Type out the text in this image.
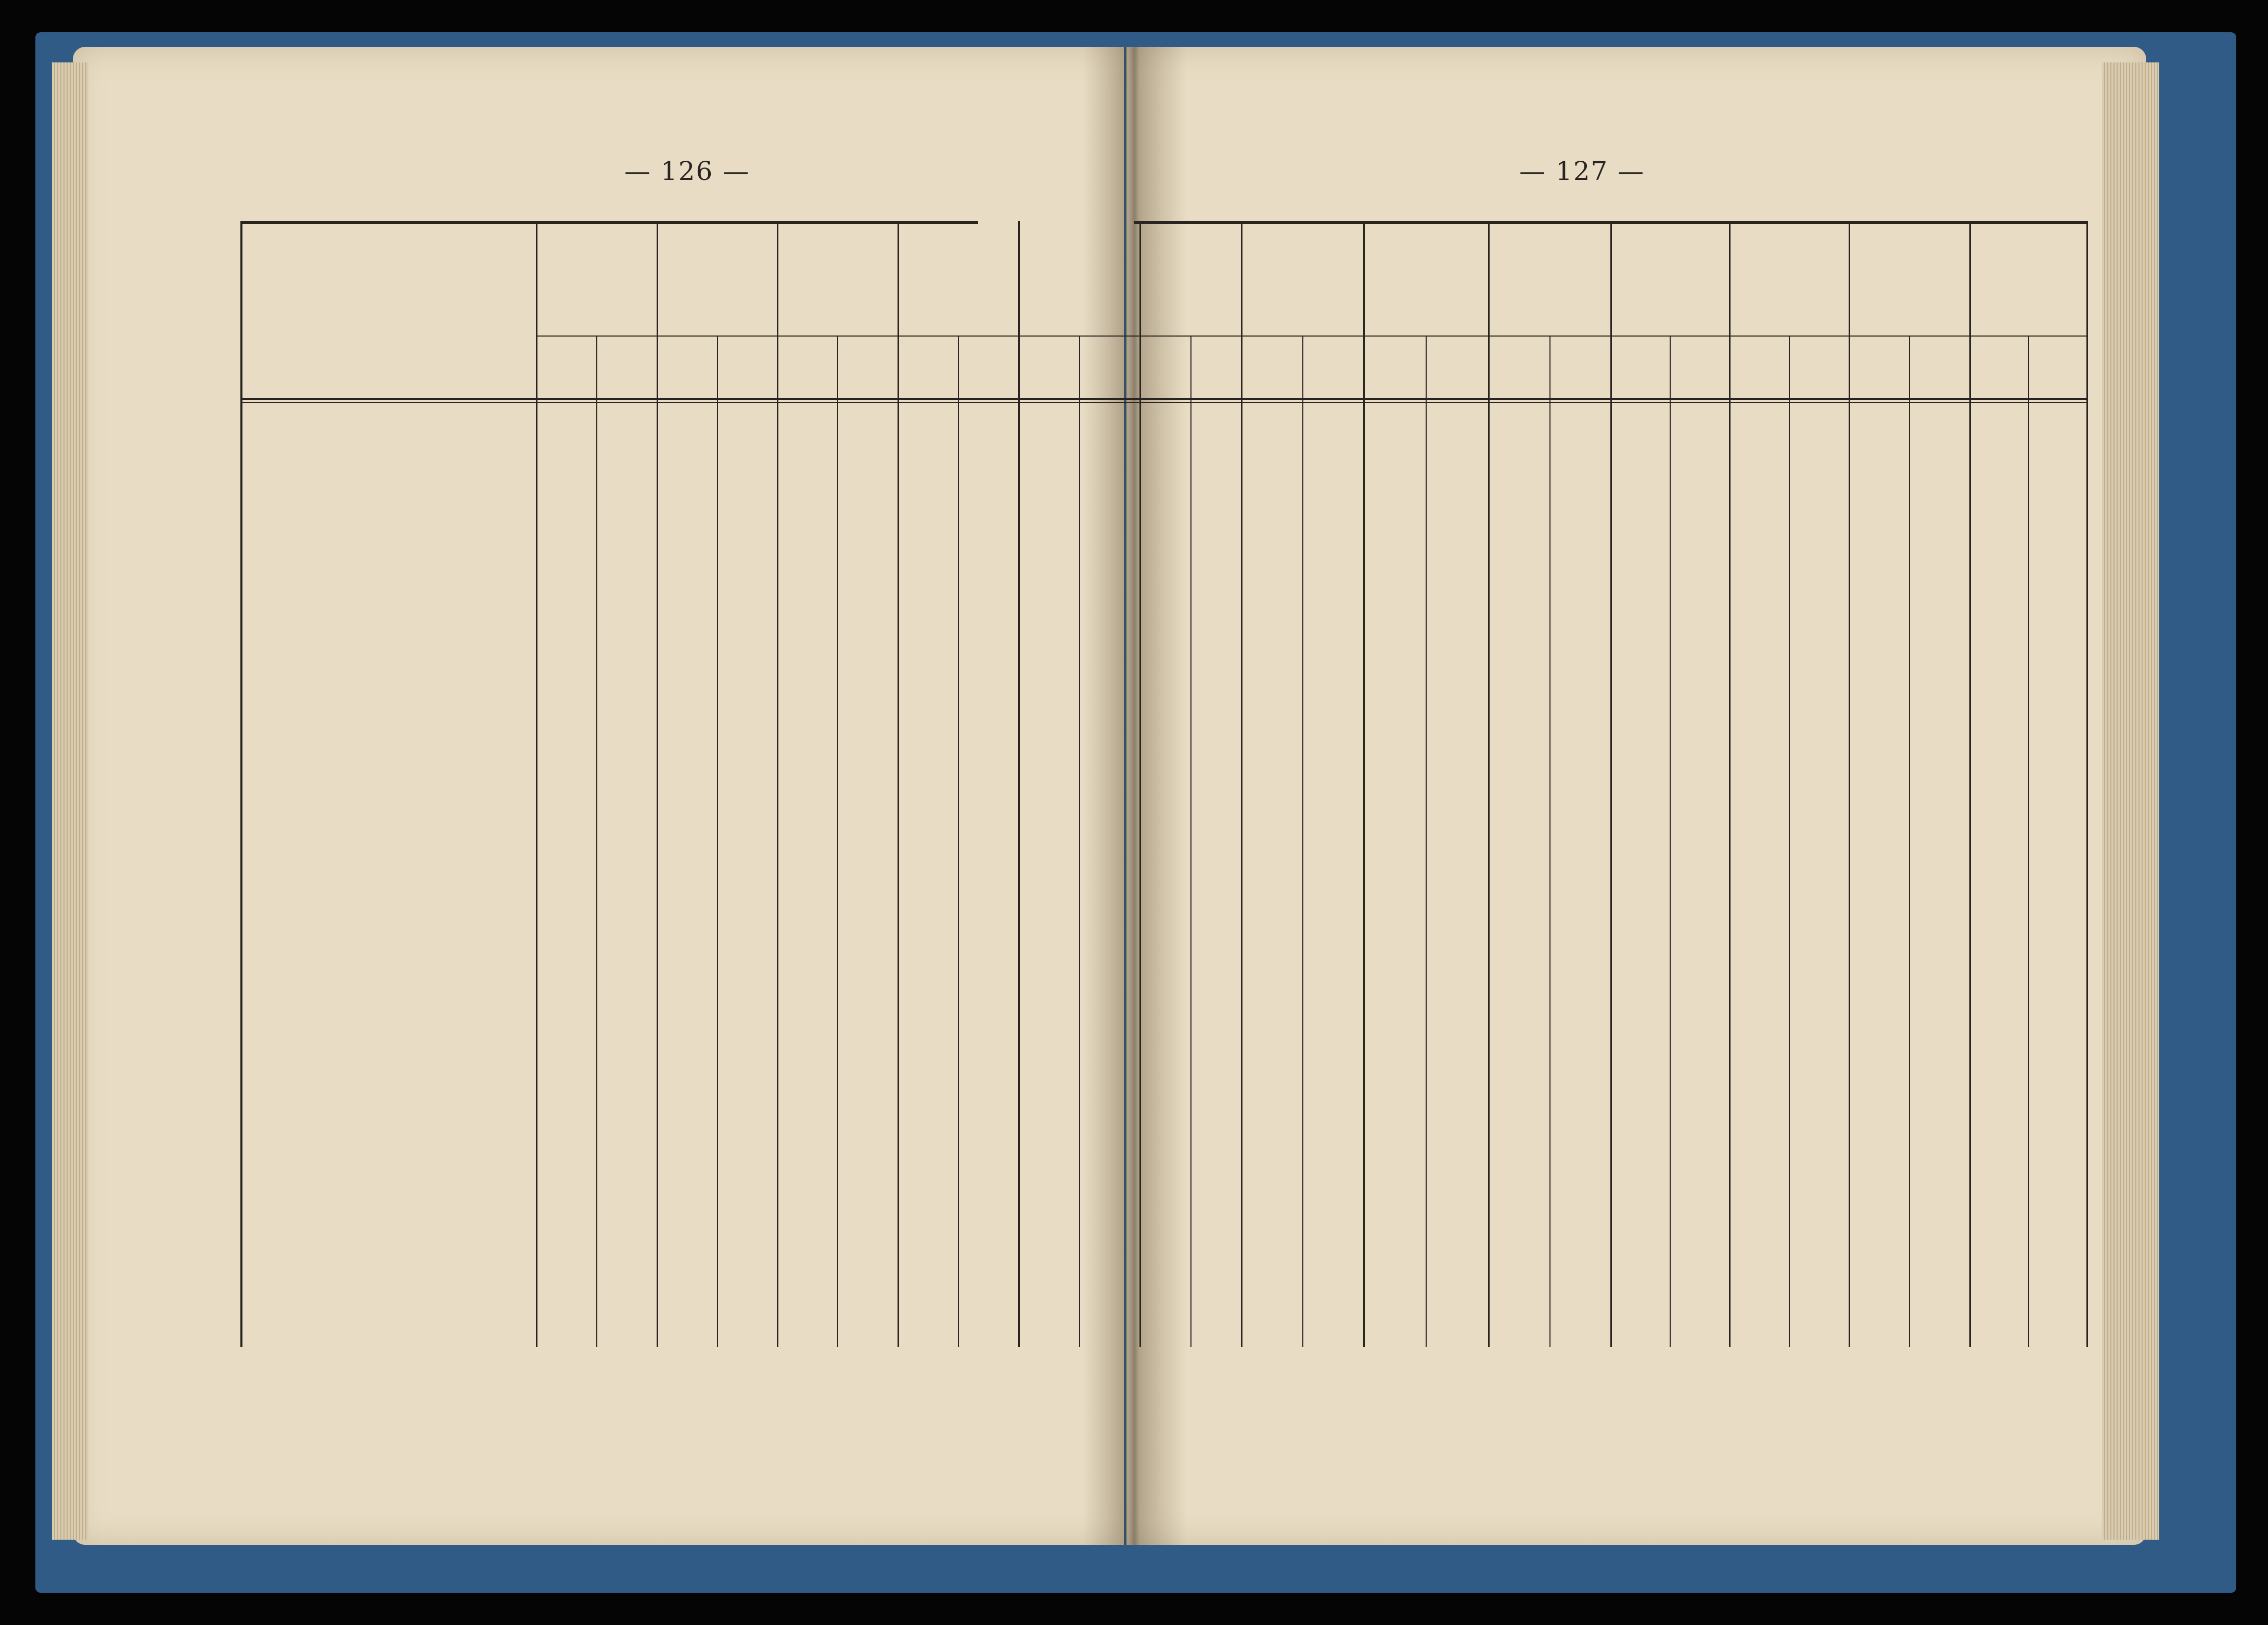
— 126 —	— 127 —
